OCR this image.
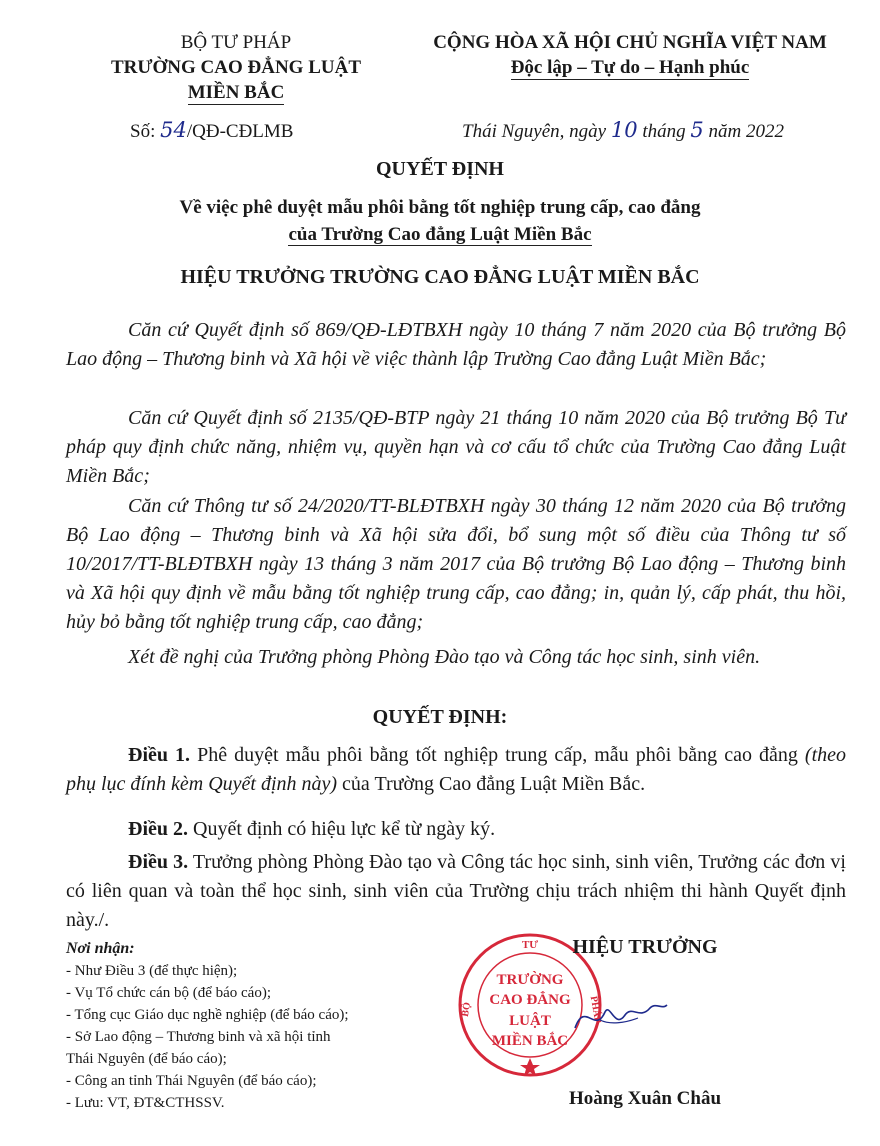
BỘ TƯ PHÁP
TRƯỜNG CAO ĐẲNG LUẬT
MIỀN BẮC
CỘNG HÒA XÃ HỘI CHỦ NGHĨA VIỆT NAM
Độc lập – Tự do – Hạnh phúc
Số: 54/QĐ-CĐLMB	Thái Nguyên, ngày 10 tháng 5 năm 2022
QUYẾT ĐỊNH
Về việc phê duyệt mẫu phôi bằng tốt nghiệp trung cấp, cao đẳng
của Trường Cao đẳng Luật Miền Bắc
HIỆU TRƯỞNG TRƯỜNG CAO ĐẲNG LUẬT MIỀN BẮC

Căn cứ Quyết định số 869/QĐ-LĐTBXH ngày 10 tháng 7 năm 2020 của Bộ trưởng Bộ Lao động – Thương binh và Xã hội về việc thành lập Trường Cao đẳng Luật Miền Bắc;

Căn cứ Quyết định số 2135/QĐ-BTP ngày 21 tháng 10 năm 2020 của Bộ trưởng Bộ Tư pháp quy định chức năng, nhiệm vụ, quyền hạn và cơ cấu tổ chức của Trường Cao đẳng Luật Miền Bắc;

Căn cứ Thông tư số 24/2020/TT-BLĐTBXH ngày 30 tháng 12 năm 2020 của Bộ trưởng Bộ Lao động – Thương binh và Xã hội sửa đổi, bổ sung một số điều của Thông tư số 10/2017/TT-BLĐTBXH ngày 13 tháng 3 năm 2017 của Bộ trưởng Bộ Lao động – Thương binh và Xã hội quy định về mẫu bằng tốt nghiệp trung cấp, cao đẳng; in, quản lý, cấp phát, thu hồi, hủy bỏ bằng tốt nghiệp trung cấp, cao đẳng;

Xét đề nghị của Trưởng phòng Phòng Đào tạo và Công tác học sinh, sinh viên.

QUYẾT ĐỊNH:

Điều 1. Phê duyệt mẫu phôi bằng tốt nghiệp trung cấp, mẫu phôi bằng cao đẳng (theo phụ lục đính kèm Quyết định này) của Trường Cao đẳng Luật Miền Bắc.

Điều 2. Quyết định có hiệu lực kể từ ngày ký.

Điều 3. Trưởng phòng Phòng Đào tạo và Công tác học sinh, sinh viên, Trưởng các đơn vị có liên quan và toàn thể học sinh, sinh viên của Trường chịu trách nhiệm thi hành Quyết định này./.

Nơi nhận:
- Như Điều 3 (để thực hiện);
- Vụ Tổ chức cán bộ (để báo cáo);
- Tổng cục Giáo dục nghề nghiệp (để báo cáo);
- Sở Lao động – Thương binh và xã hội tỉnh
Thái Nguyên (để báo cáo);
- Công an tỉnh Thái Nguyên (để báo cáo);
- Lưu: VT, ĐT&CTHSSV.
TƯ
BỘ	PHÁP
TRƯỜNG
CAO ĐẲNG
LUẬT
MIỀN BẮC
HIỆU TRƯỞNG
Hoàng Xuân Châu
